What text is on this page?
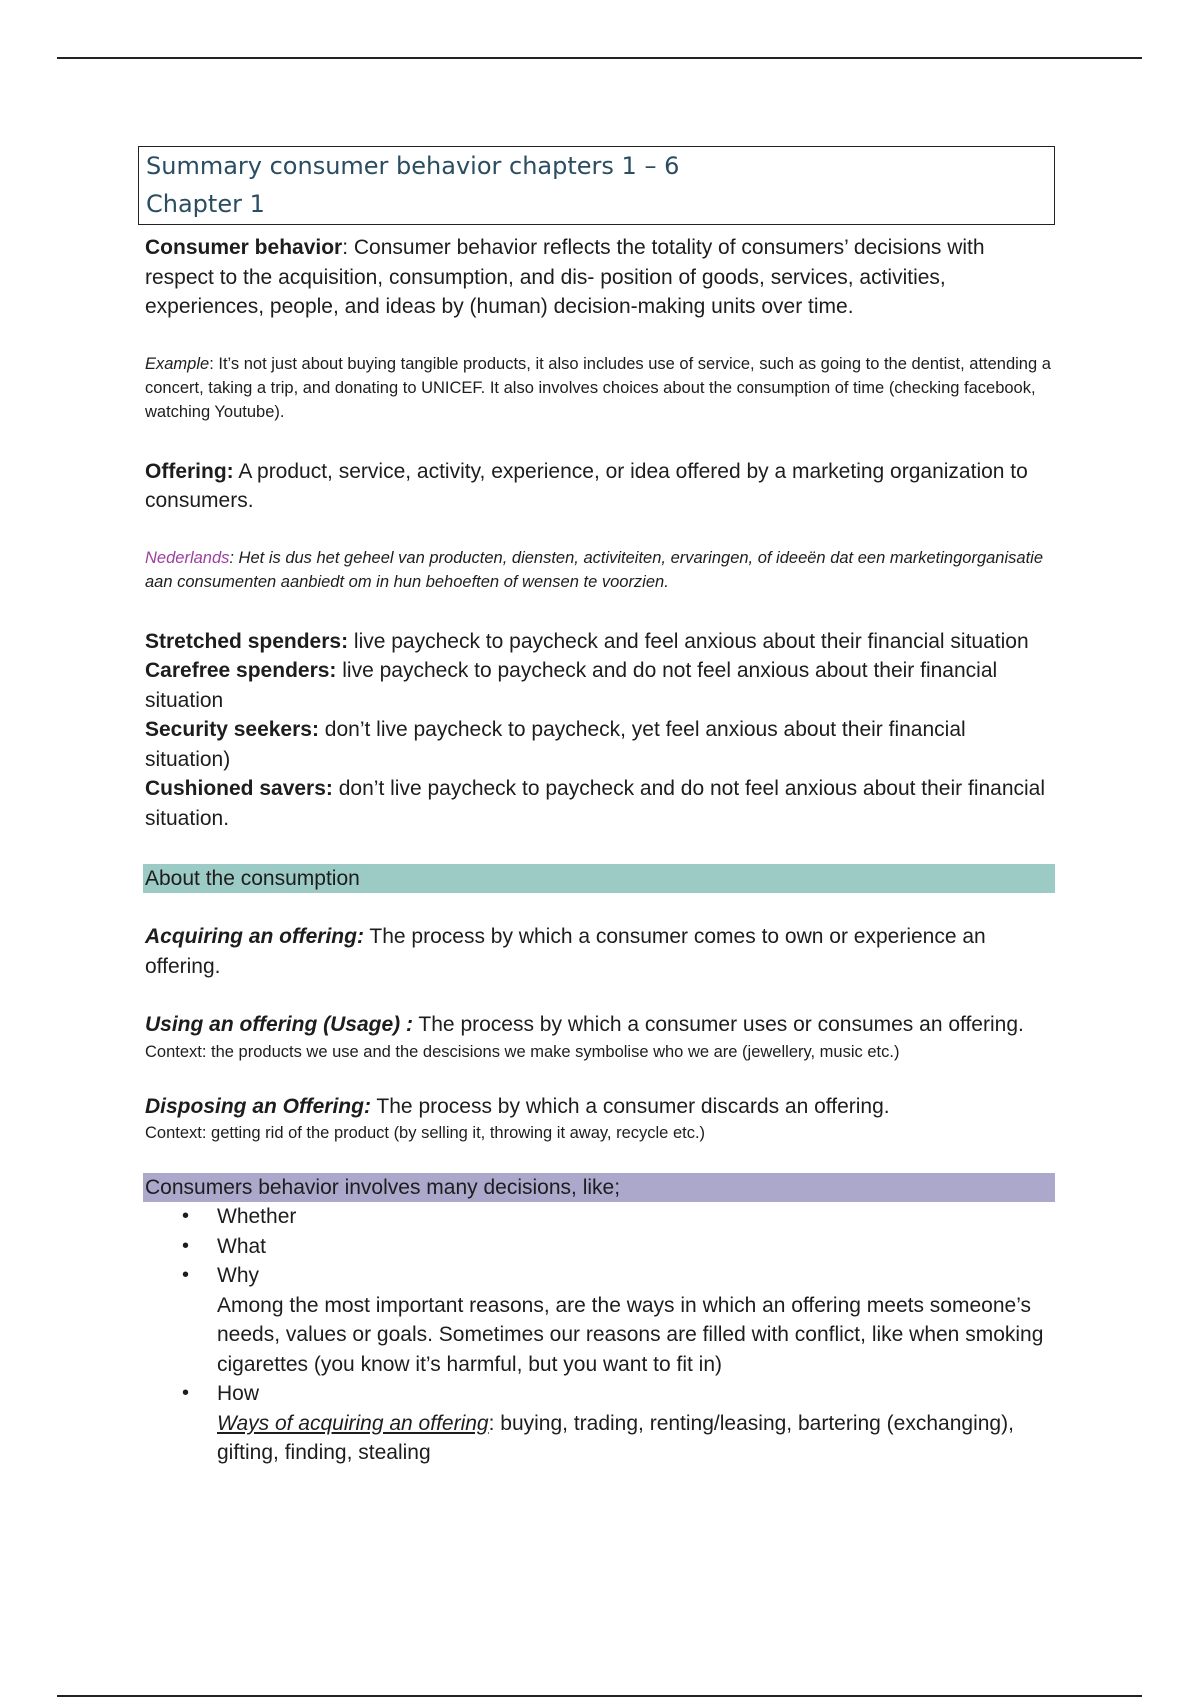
Summary consumer behavior chapters 1 – 6
Chapter 1

Consumer behavior: Consumer behavior reflects the totality of consumers’ decisions with respect to the acquisition, consumption, and dis- position of goods, services, activities, experiences, people, and ideas by (human) decision-making units over time.

Example: It’s not just about buying tangible products, it also includes use of service, such as going to the dentist, attending a concert, taking a trip, and donating to UNICEF. It also involves choices about the consumption of time (checking facebook, watching Youtube).

Offering: A product, service, activity, experience, or idea offered by a marketing organization to consumers.

Nederlands: Het is dus het geheel van producten, diensten, activiteiten, ervaringen, of ideeën dat een marketingorganisatie aan consumenten aanbiedt om in hun behoeften of wensen te voorzien.

Stretched spenders: live paycheck to paycheck and feel anxious about their financial situation

Carefree spenders: live paycheck to paycheck and do not feel anxious about their financial situation

Security seekers: don’t live paycheck to paycheck, yet feel anxious about their financial situation)

Cushioned savers: don’t live paycheck to paycheck and do not feel anxious about their financial situation.

About the consumption

Acquiring an offering: The process by which a consumer comes to own or experience an offering.

Using an offering (Usage) : The process by which a consumer uses or consumes an offering.

Context: the products we use and the descisions we make symbolise who we are (jewellery, music etc.)

Disposing an Offering: The process by which a consumer discards an offering.

Context: getting rid of the product (by selling it, throwing it away, recycle etc.)

Consumers behavior involves many decisions, like;
• Whether
• What
• Why

Among the most important reasons, are the ways in which an offering meets someone’s needs, values or goals. Sometimes our reasons are filled with conflict, like when smoking cigarettes (you know it’s harmful, but you want to fit in)

• How

Ways of acquiring an offering: buying, trading, renting/leasing, bartering (exchanging),

gifting, finding, stealing
